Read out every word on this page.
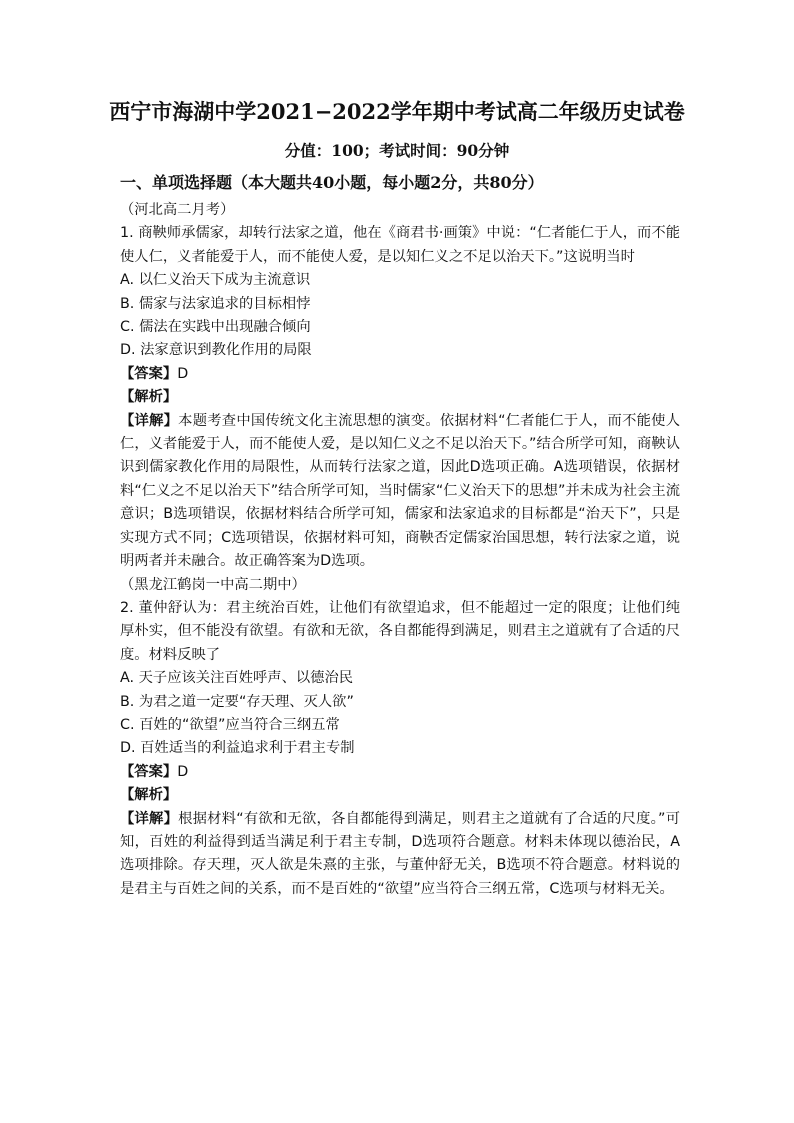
西宁市海湖中学2021−2022学年期中考试高二年级历史试卷
分值：100；考试时间：90分钟
一、单项选择题（本大题共40小题，每小题2分，共80分）

（河北高二月考）

1. 商鞅师承儒家，却转行法家之道，他在《商君书·画策》中说：“仁者能仁于人，而不能使人仁，义者能爱于人，而不能使人爱，是以知仁义之不足以治天下。”这说明当时

A. 以仁义治天下成为主流意识

B. 儒家与法家追求的目标相悖

C. 儒法在实践中出现融合倾向

D. 法家意识到教化作用的局限

【答案】D

【解析】

【详解】本题考查中国传统文化主流思想的演变。依据材料“仁者能仁于人，而不能使人仁，义者能爱于人，而不能使人爱，是以知仁义之不足以治天下。”结合所学可知，商鞅认识到儒家教化作用的局限性，从而转行法家之道，因此D选项正确。A选项错误，依据材料“仁义之不足以治天下”结合所学可知，当时儒家“仁义治天下的思想”并未成为社会主流意识；B选项错误，依据材料结合所学可知，儒家和法家追求的目标都是“治天下”，只是实现方式不同；C选项错误，依据材料可知，商鞅否定儒家治国思想，转行法家之道，说明两者并未融合。故正确答案为D选项。

（黑龙江鹤岗一中高二期中）

2. 董仲舒认为：君主统治百姓，让他们有欲望追求，但不能超过一定的限度；让他们纯厚朴实，但不能没有欲望。有欲和无欲，各自都能得到满足，则君主之道就有了合适的尺度。材料反映了

A. 天子应该关注百姓呼声、以德治民

B. 为君之道一定要“存天理、灭人欲”

C. 百姓的“欲望”应当符合三纲五常

D. 百姓适当的利益追求利于君主专制

【答案】D

【解析】

【详解】根据材料“有欲和无欲，各自都能得到满足，则君主之道就有了合适的尺度。”可知，百姓的利益得到适当满足利于君主专制，D选项符合题意。材料未体现以德治民，A选项排除。存天理，灭人欲是朱熹的主张，与董仲舒无关，B选项不符合题意。材料说的是君主与百姓之间的关系，而不是百姓的“欲望”应当符合三纲五常，C选项与材料无关。
